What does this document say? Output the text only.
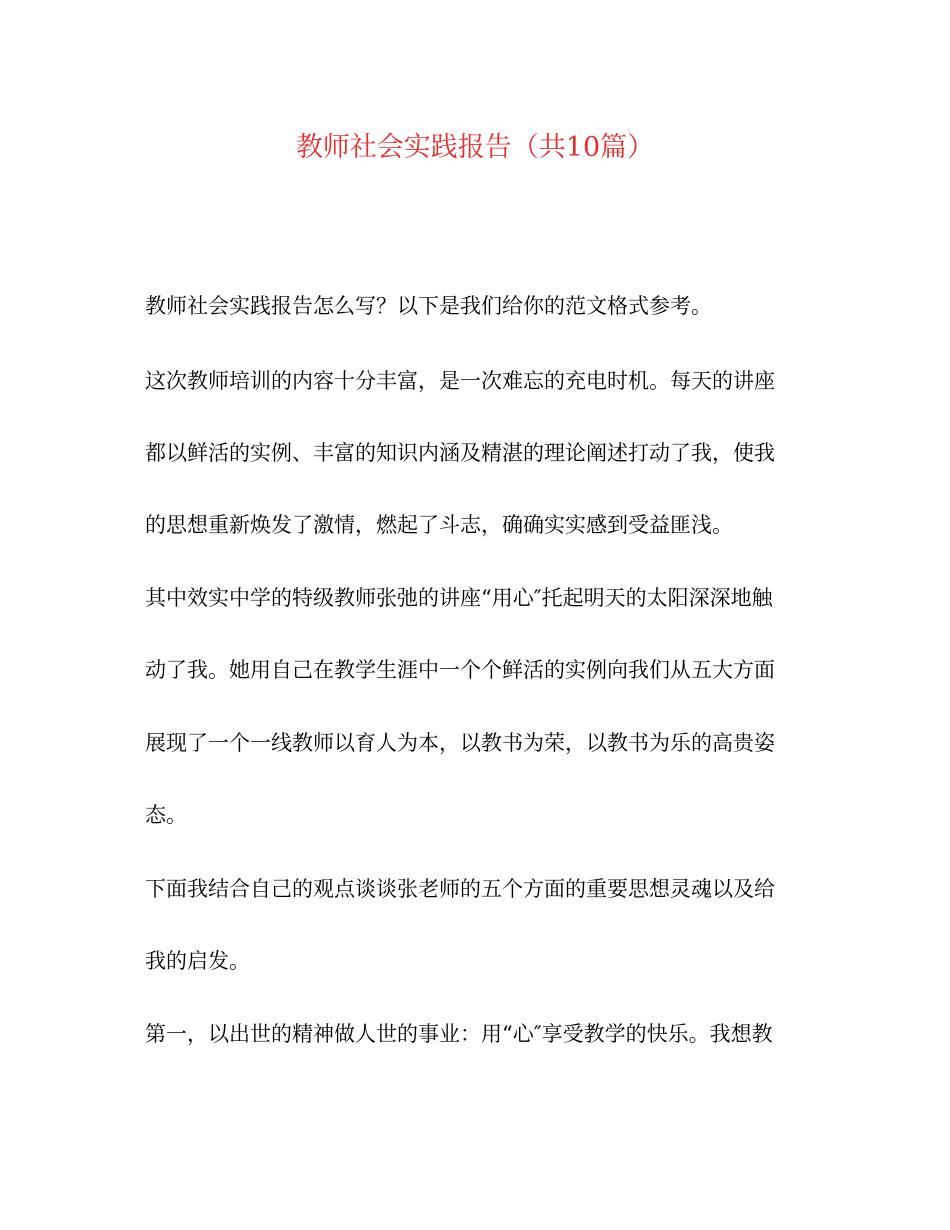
教师社会实践报告（共10篇）

教师社会实践报告怎么写？以下是我们给你的范文格式参考。

这次教师培训的内容十分丰富，是一次难忘的充电时机。每天的讲座

都以鲜活的实例、丰富的知识内涵及精湛的理论阐述打动了我，使我

的思想重新焕发了激情，燃起了斗志，确确实实感到受益匪浅。

其中效实中学的特级教师张弛的讲座“用心″托起明天的太阳深深地触

动了我。她用自己在教学生涯中一个个鲜活的实例向我们从五大方面

展现了一个一线教师以育人为本，以教书为荣，以教书为乐的高贵姿

态。

下面我结合自己的观点谈谈张老师的五个方面的重要思想灵魂以及给

我的启发。

第一，以出世的精神做人世的事业：用“心″享受教学的快乐。我想教
